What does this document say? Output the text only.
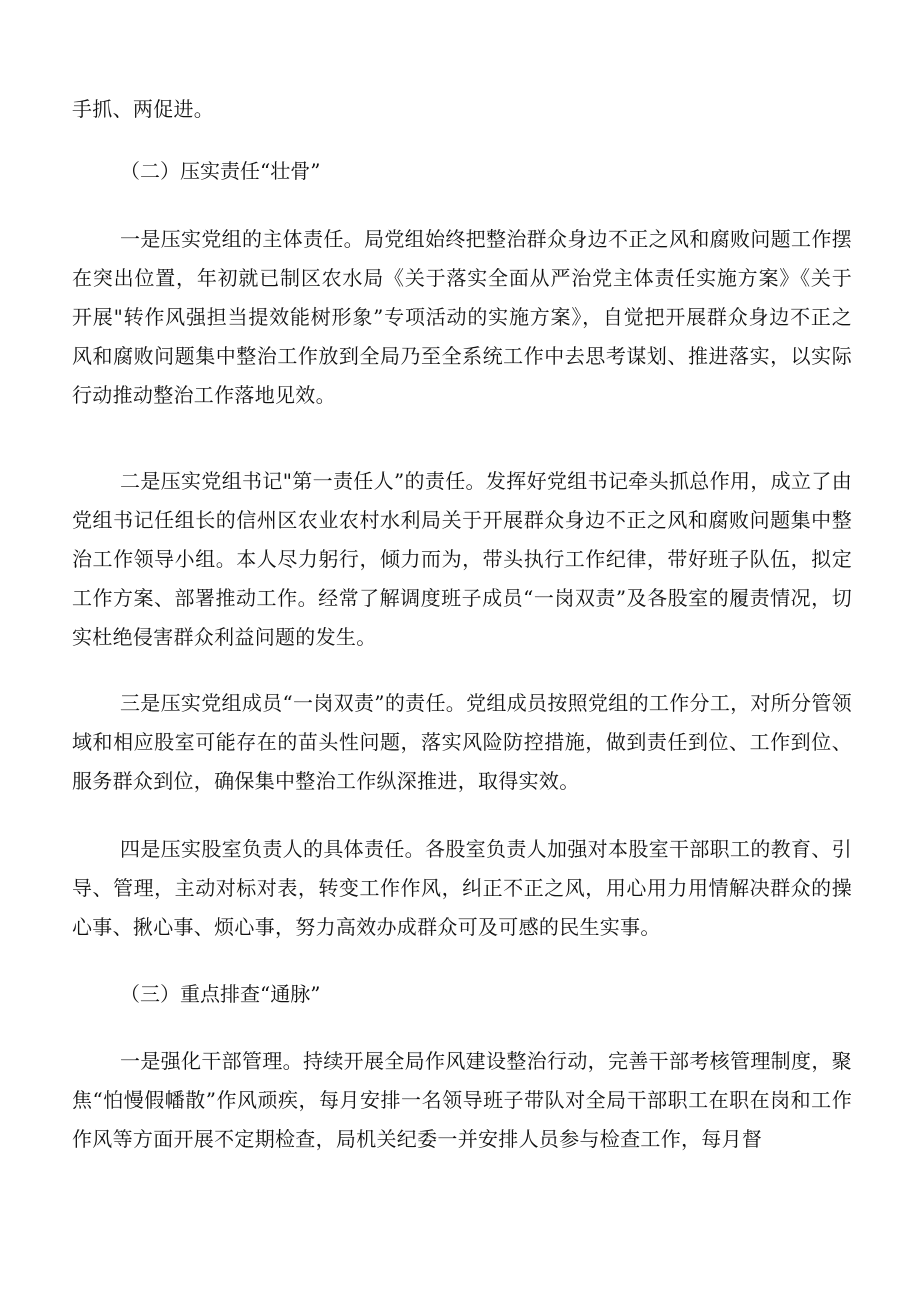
手抓、两促进。

（二）压实责任“壮骨”

一是压实党组的主体责任。局党组始终把整治群众身边不正之风和腐败问题工作摆在突出位置，年初就已制区农水局《关于落实全面从严治党主体责任实施方案》《关于开展"转作风强担当提效能树形象”专项活动的实施方案》，自觉把开展群众身边不正之风和腐败问题集中整治工作放到全局乃至全系统工作中去思考谋划、推进落实，以实际行动推动整治工作落地见效。

二是压实党组书记"第一责任人”的责任。发挥好党组书记牵头抓总作用，成立了由党组书记任组长的信州区农业农村水利局关于开展群众身边不正之风和腐败问题集中整治工作领导小组。本人尽力躬行，倾力而为，带头执行工作纪律，带好班子队伍，拟定工作方案、部署推动工作。经常了解调度班子成员“一岗双责”及各股室的履责情况，切实杜绝侵害群众利益问题的发生。

三是压实党组成员“一岗双责”的责任。党组成员按照党组的工作分工，对所分管领域和相应股室可能存在的苗头性问题，落实风险防控措施，做到责任到位、工作到位、服务群众到位，确保集中整治工作纵深推进，取得实效。

四是压实股室负责人的具体责任。各股室负责人加强对本股室干部职工的教育、引导、管理，主动对标对表，转变工作作风，纠正不正之风，用心用力用情解决群众的操心事、揪心事、烦心事，努力高效办成群众可及可感的民生实事。

（三）重点排查“通脉”

一是强化干部管理。持续开展全局作风建设整治行动，完善干部考核管理制度，聚焦“怕慢假幡散”作风顽疾，每月安排一名领导班子带队对全局干部职工在职在岗和工作作风等方面开展不定期检查，局机关纪委一并安排人员参与检查工作，每月督
